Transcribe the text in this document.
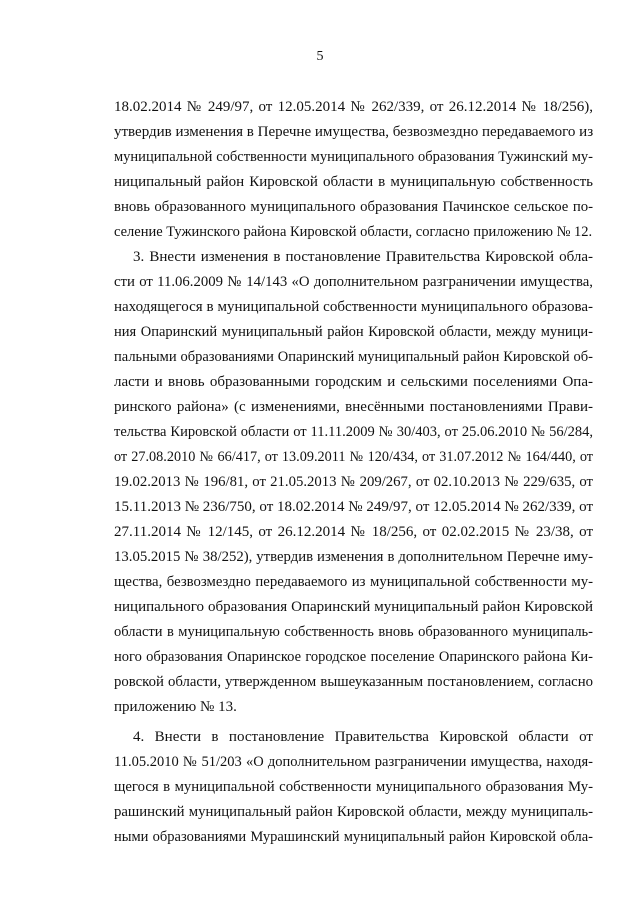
5
18.02.2014 № 249/97, от 12.05.2014 № 262/339, от 26.12.2014 № 18/256),
утвердив изменения в Перечне имущества, безвозмездно передаваемого из
муниципальной собственности муниципального образования Тужинский му-
ниципальный район Кировской области в муниципальную собственность
вновь образованного муниципального образования Пачинское сельское по-
селение Тужинского района Кировской области, согласно приложению № 12.
3. Внести изменения в постановление Правительства Кировской обла-
сти от 11.06.2009 № 14/143 «О дополнительном разграничении имущества,
находящегося в муниципальной собственности муниципального образова-
ния Опаринский муниципальный район Кировской области, между муници-
пальными образованиями Опаринский муниципальный район Кировской об-
ласти и вновь образованными городским и сельскими поселениями Опа-
ринского района» (с изменениями, внесёнными постановлениями Прави-
тельства Кировской области от 11.11.2009 № 30/403, от 25.06.2010 № 56/284,
от 27.08.2010 № 66/417, от 13.09.2011 № 120/434, от 31.07.2012 № 164/440, от
19.02.2013 № 196/81, от 21.05.2013 № 209/267, от 02.10.2013 № 229/635, от
15.11.2013 № 236/750, от 18.02.2014 № 249/97, от 12.05.2014 № 262/339, от
27.11.2014 № 12/145, от 26.12.2014 № 18/256, от 02.02.2015 № 23/38, от
13.05.2015 № 38/252), утвердив изменения в дополнительном Перечне иму-
щества, безвозмездно передаваемого из муниципальной собственности му-
ниципального образования Опаринский муниципальный район Кировской
области в муниципальную собственность вновь образованного муниципаль-
ного образования Опаринское городское поселение Опаринского района Ки-
ровской области, утвержденном вышеуказанным постановлением, согласно
приложению № 13.
4. Внести в постановление Правительства Кировской области от
11.05.2010 № 51/203 «О дополнительном разграничении имущества, находя-
щегося в муниципальной собственности муниципального образования Му-
рашинский муниципальный район Кировской области, между муниципаль-
ными образованиями Мурашинский муниципальный район Кировской обла-
